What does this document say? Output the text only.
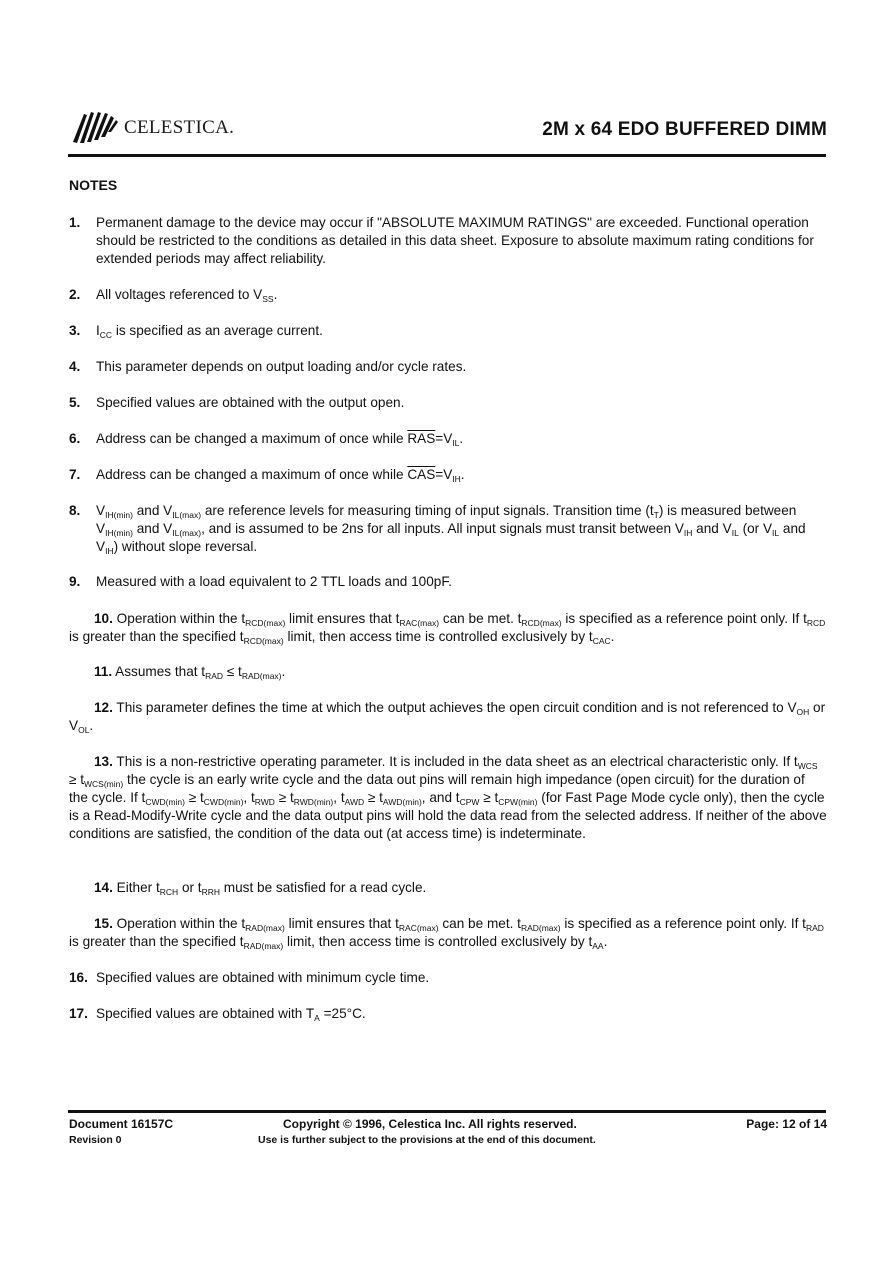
CELESTICA.	2M x 64 EDO BUFFERED DIMM
NOTES
1. Permanent damage to the device may occur if "ABSOLUTE MAXIMUM RATINGS" are exceeded. Functional operation should be restricted to the conditions as detailed in this data sheet. Exposure to absolute maximum rating conditions for extended periods may affect reliability.
2. All voltages referenced to $V_{SS}$.
3. $I_{CC}$ is specified as an average current.
4. This parameter depends on output loading and/or cycle rates.
5. Specified values are obtained with the output open.
6. Address can be changed a maximum of once while $\overline{RAS}=V_{IL}$.
7. Address can be changed a maximum of once while $\overline{CAS}=V_{IH}$.
8. $V_{IH(min)}$ and $V_{IL(max)}$ are reference levels for measuring timing of input signals. Transition time $(t_T)$ is measured between $V_{IH(min)}$ and $V_{IL(max)}$, and is assumed to be 2ns for all inputs. All input signals must transit between $V_{IH}$ and $V_{IL}$ (or $V_{IL}$ and $V_{IH}$) without slope reversal.
9. Measured with a load equivalent to 2 TTL loads and 100pF.
10. Operation within the $t_{RCD(max)}$ limit ensures that $t_{RAC(max)}$ can be met. $t_{RCD(max)}$ is specified as a reference point only. If $t_{RCD}$ is greater than the specified $t_{RCD(max)}$ limit, then access time is controlled exclusively by $t_{CAC}$.
11. Assumes that $t_{RAD} \le t_{RAD(max)}$.
12. This parameter defines the time at which the output achieves the open circuit condition and is not referenced to $V_{OH}$ or $V_{OL}$.
13. This is a non-restrictive operating parameter. It is included in the data sheet as an electrical characteristic only. If $t_{WCS} \ge t_{WCS(min)}$ the cycle is an early write cycle and the data out pins will remain high impedance (open circuit) for the duration of the cycle. If $t_{CWD(min)} \ge t_{CWD(min)}$, $t_{RWD} \ge t_{RWD(min)}$, $t_{AWD} \ge t_{AWD(min)}$, and $t_{CPW} \ge t_{CPW(min)}$ (for Fast Page Mode cycle only), then the cycle is a Read-Modify-Write cycle and the data output pins will hold the data read from the selected address. If neither of the above conditions are satisfied, the condition of the data out (at access time) is indeterminate.
14. Either $t_{RCH}$ or $t_{RRH}$ must be satisfied for a read cycle.
15. Operation within the $t_{RAD(max)}$ limit ensures that $t_{RAC(max)}$ can be met. $t_{RAD(max)}$ is specified as a reference point only. If $t_{RAD}$ is greater than the specified $t_{RAD(max)}$ limit, then access time is controlled exclusively by $t_{AA}$.
16. Specified values are obtained with minimum cycle time.
17. Specified values are obtained with $T_A =25^\circ C$.
Document 16157C
Revision 0
Copyright © 1996, Celestica Inc. All rights reserved.
Use is further subject to the provisions at the end of this document.
Page: 12 of 14
